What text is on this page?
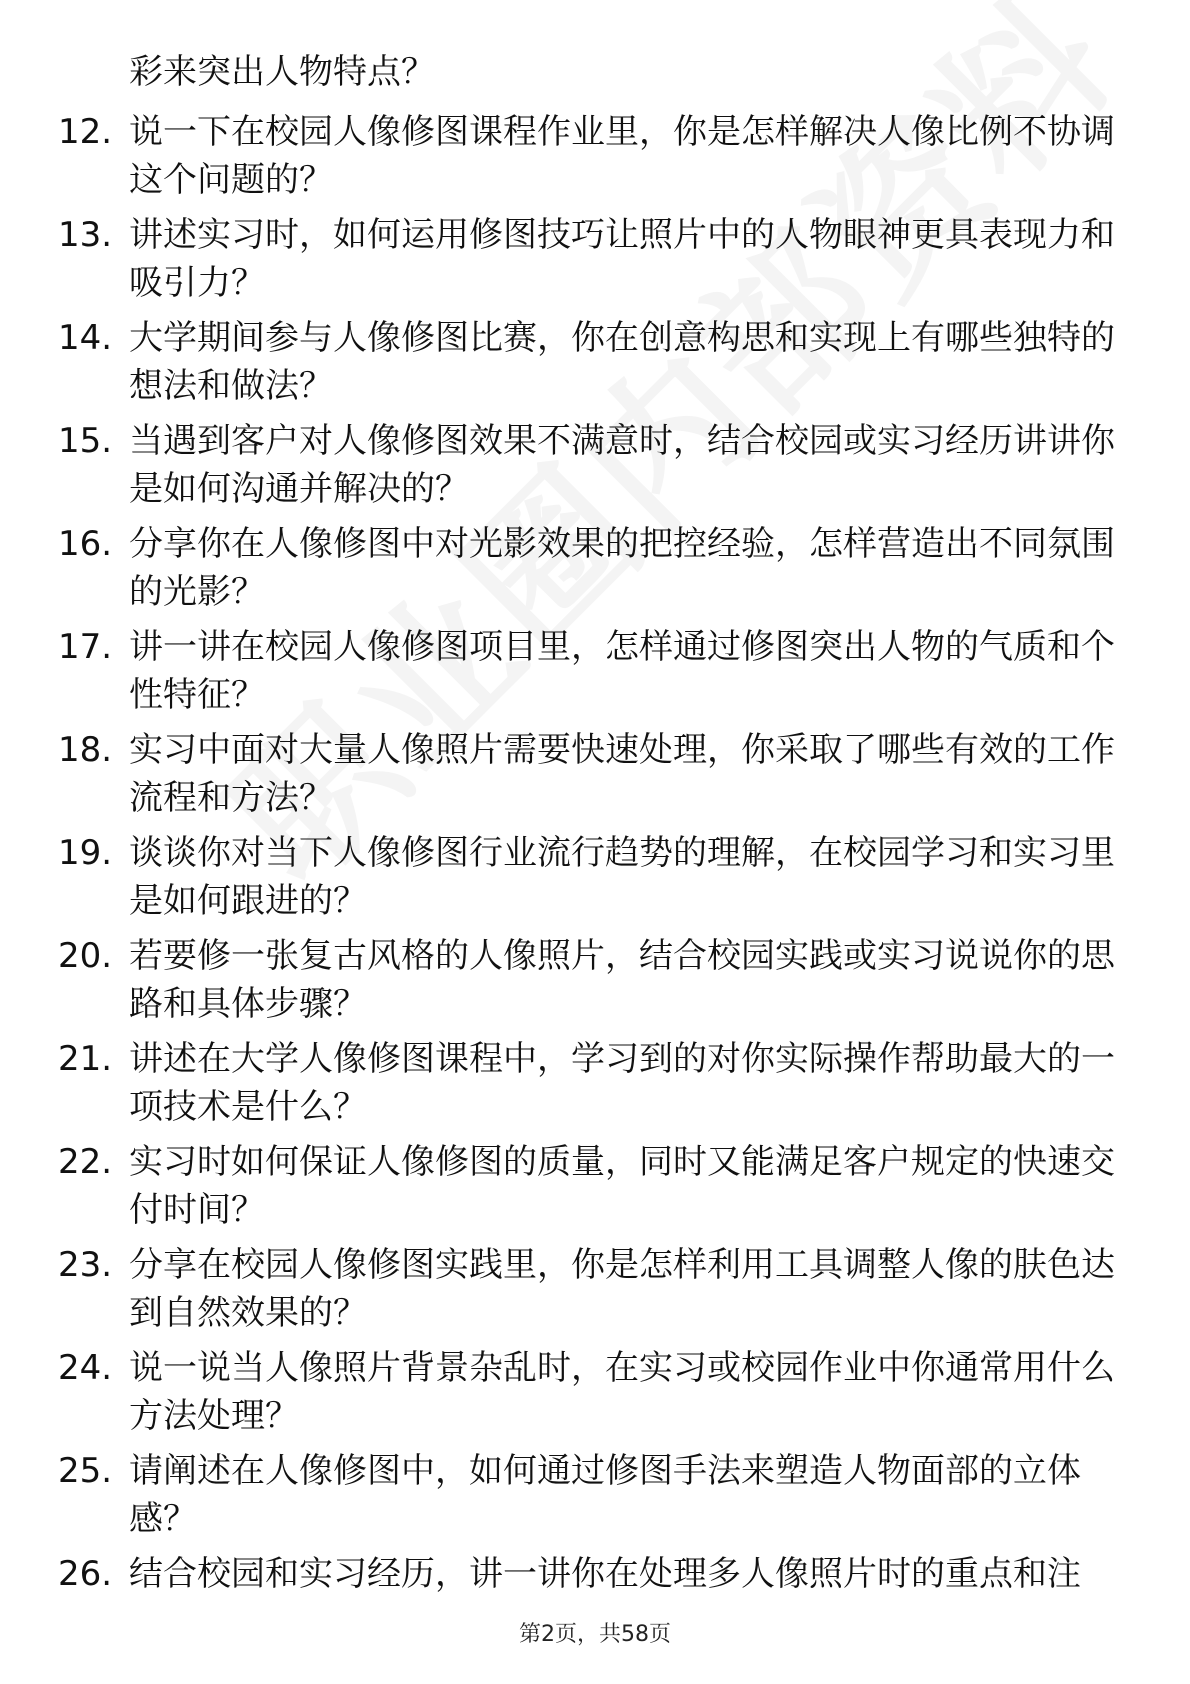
彩来突出人物特点？
12. 说一下在校园人像修图课程作业里，你是怎样解决人像比例不协调这个问题的？
13. 讲述实习时，如何运用修图技巧让照片中的人物眼神更具表现力和吸引力？
14. 大学期间参与人像修图比赛，你在创意构思和实现上有哪些独特的想法和做法？
15. 当遇到客户对人像修图效果不满意时，结合校园或实习经历讲讲你是如何沟通并解决的？
16. 分享你在人像修图中对光影效果的把控经验，怎样营造出不同氛围的光影？
17. 讲一讲在校园人像修图项目里，怎样通过修图突出人物的气质和个性特征？
18. 实习中面对大量人像照片需要快速处理，你采取了哪些有效的工作流程和方法？
19. 谈谈你对当下人像修图行业流行趋势的理解，在校园学习和实习里是如何跟进的？
20. 若要修一张复古风格的人像照片，结合校园实践或实习说说你的思路和具体步骤？
21. 讲述在大学人像修图课程中，学习到的对你实际操作帮助最大的一项技术是什么？
22. 实习时如何保证人像修图的质量，同时又能满足客户规定的快速交付时间？
23. 分享在校园人像修图实践里，你是怎样利用工具调整人像的肤色达到自然效果的？
24. 说一说当人像照片背景杂乱时，在实习或校园作业中你通常用什么方法处理？
25. 请阐述在人像修图中，如何通过修图手法来塑造人物面部的立体感？
26. 结合校园和实习经历，讲一讲你在处理多人像照片时的重点和注
第2页，共58页
